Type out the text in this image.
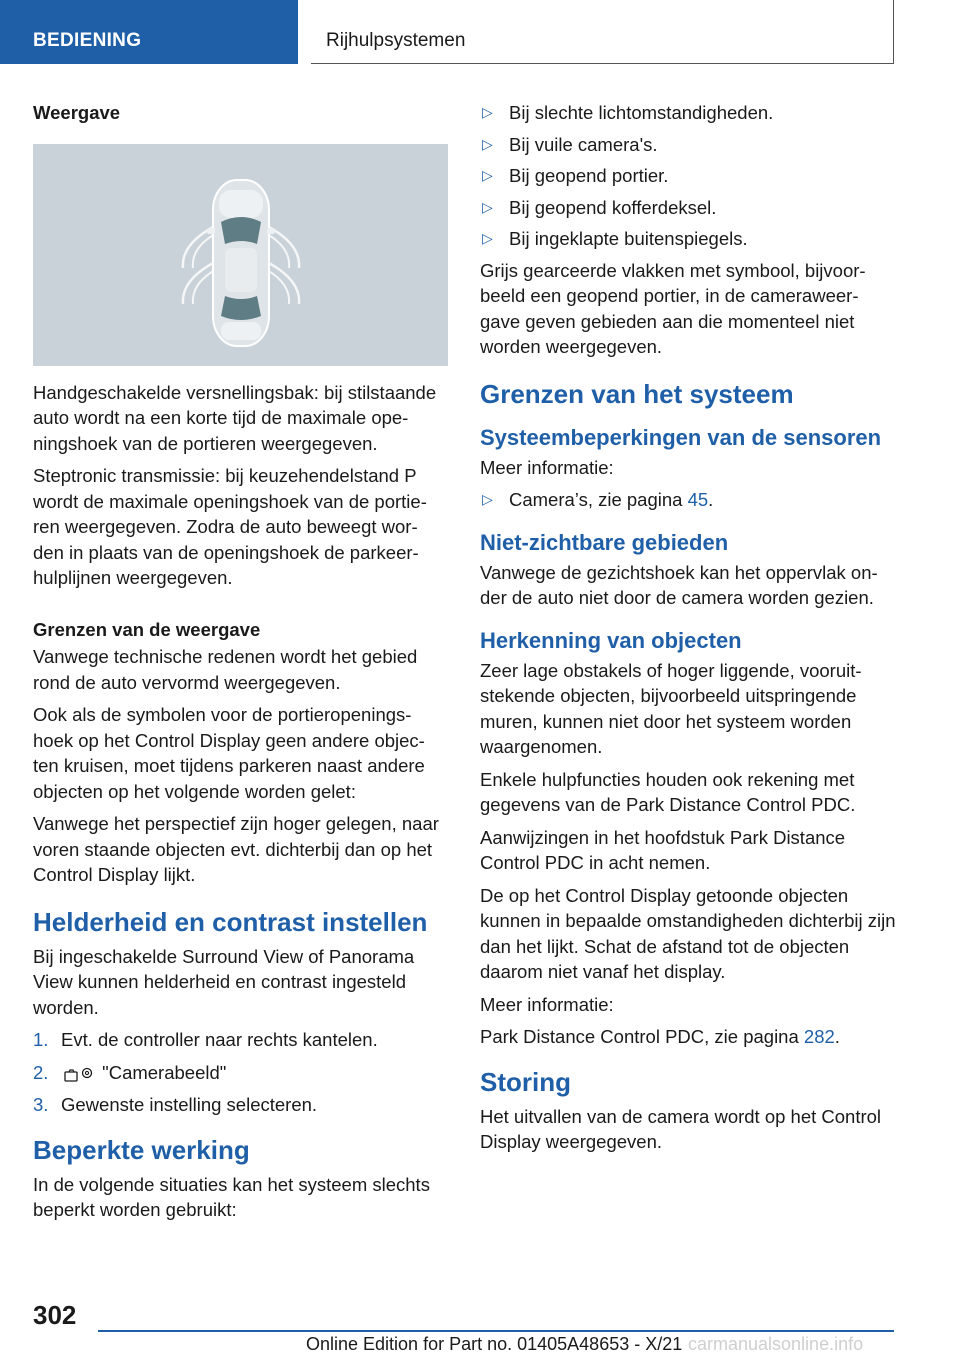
BEDIENING	Rijhulpsystemen

Weergave

Handgeschakelde versnellingsbak: bij stilstaande auto wordt na een korte tijd de maximale ope- ningshoek van de portieren weergegeven.

Steptronic transmissie: bij keuzehendelstand P wordt de maximale openingshoek van de portie- ren weergegeven. Zodra de auto beweegt wor- den in plaats van de openingshoek de parkeer- hulplijnen weergegeven.

Grenzen van de weergave

Vanwege technische redenen wordt het gebied rond de auto vervormd weergegeven.

Ook als de symbolen voor de portieropenings- hoek op het Control Display geen andere objec- ten kruisen, moet tijdens parkeren naast andere objecten op het volgende worden gelet:

Vanwege het perspectief zijn hoger gelegen, naar voren staande objecten evt. dichterbij dan op het Control Display lijkt.

Helderheid en contrast instellen

Bij ingeschakelde Surround View of Panorama View kunnen helderheid en contrast ingesteld worden.

1. Evt. de controller naar rechts kantelen.
2.	"Camerabeeld"
3. Gewenste instelling selecteren.
Beperkte werking

In de volgende situaties kan het systeem slechts beperkt worden gebruikt:

▷ Bij slechte lichtomstandigheden.
▷ Bij vuile camera's.
▷ Bij geopend portier.
▷ Bij geopend kofferdeksel.
▷ Bij ingeklapte buitenspiegels.

Grijs gearceerde vlakken met symbool, bijvoor- beeld een geopend portier, in de cameraweer- gave geven gebieden aan die momenteel niet worden weergegeven.

Grenzen van het systeem
Systeembeperkingen van de sensoren

Meer informatie:

▷ Camera’s, zie pagina 45.
Niet-zichtbare gebieden

Vanwege de gezichtshoek kan het oppervlak on- der de auto niet door de camera worden gezien.

Herkenning van objecten

Zeer lage obstakels of hoger liggende, vooruit- stekende objecten, bijvoorbeeld uitspringende muren, kunnen niet door het systeem worden waargenomen.

Enkele hulpfuncties houden ook rekening met gegevens van de Park Distance Control PDC.

Aanwijzingen in het hoofdstuk Park Distance Control PDC in acht nemen.

De op het Control Display getoonde objecten kunnen in bepaalde omstandigheden dichterbij zijn dan het lijkt. Schat de afstand tot de objecten daarom niet vanaf het display.

Meer informatie:

Park Distance Control PDC, zie pagina 282.

Storing

Het uitvallen van de camera wordt op het Control Display weergegeven.

302
Online Edition for Part no. 01405A48653 - X/21 carmanualsonline.info
